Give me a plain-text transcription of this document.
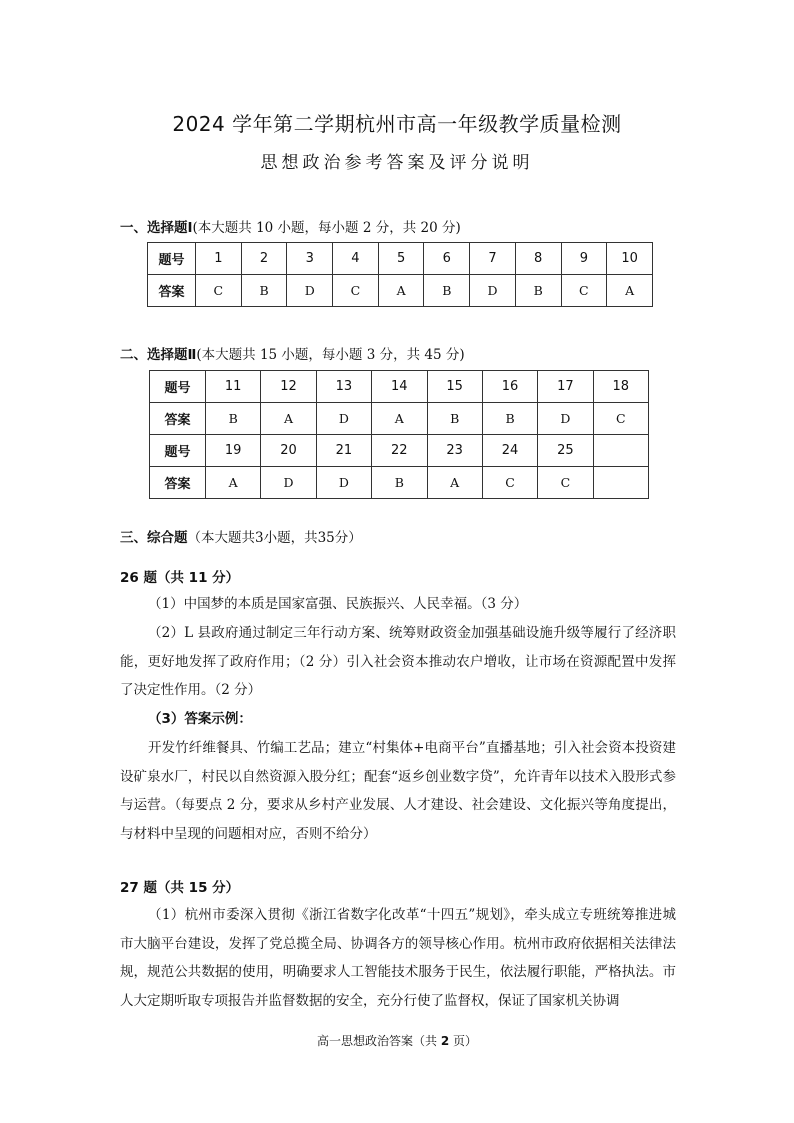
2024 学年第二学期杭州市高一年级教学质量检测
思想政治参考答案及评分说明
一、选择题Ⅰ(本大题共 10 小题，每小题 2 分，共 20 分)
题号	1	2	3	4	5	6	7	8	9	10
答案	C	B	D	C	A	B	D	B	C	A
二、选择题Ⅱ(本大题共 15 小题，每小题 3 分，共 45 分)
题号	11	12	13	14	15	16	17	18
答案	B	A	D	A	B	B	D	C
题号	19	20	21	22	23	24	25	
答案	A	D	D	B	A	C	C	
三、综合题（本大题共3小题，共35分）
26 题（共 11 分）
（1）中国梦的本质是国家富强、民族振兴、人民幸福。（3 分）
（2）L 县政府通过制定三年行动方案、统筹财政资金加强基础设施升级等履行了经济职能，更好地发挥了政府作用；（2 分）引入社会资本推动农户增收，让市场在资源配置中发挥了决定性作用。（2 分）
（3）答案示例：
开发竹纤维餐具、竹编工艺品；建立“村集体+电商平台”直播基地；引入社会资本投资建设矿泉水厂，村民以自然资源入股分红；配套“返乡创业数字贷”，允许青年以技术入股形式参与运营。（每要点 2 分，要求从乡村产业发展、人才建设、社会建设、文化振兴等角度提出，与材料中呈现的问题相对应，否则不给分）
27 题（共 15 分）
（1）杭州市委深入贯彻《浙江省数字化改革“十四五”规划》，牵头成立专班统筹推进城市大脑平台建设，发挥了党总揽全局、协调各方的领导核心作用。杭州市政府依据相关法律法规，规范公共数据的使用，明确要求人工智能技术服务于民生，依法履行职能，严格执法。市人大定期听取专项报告并监督数据的安全，充分行使了监督权，保证了国家机关协调
高一思想政治答案（共 2 页）
